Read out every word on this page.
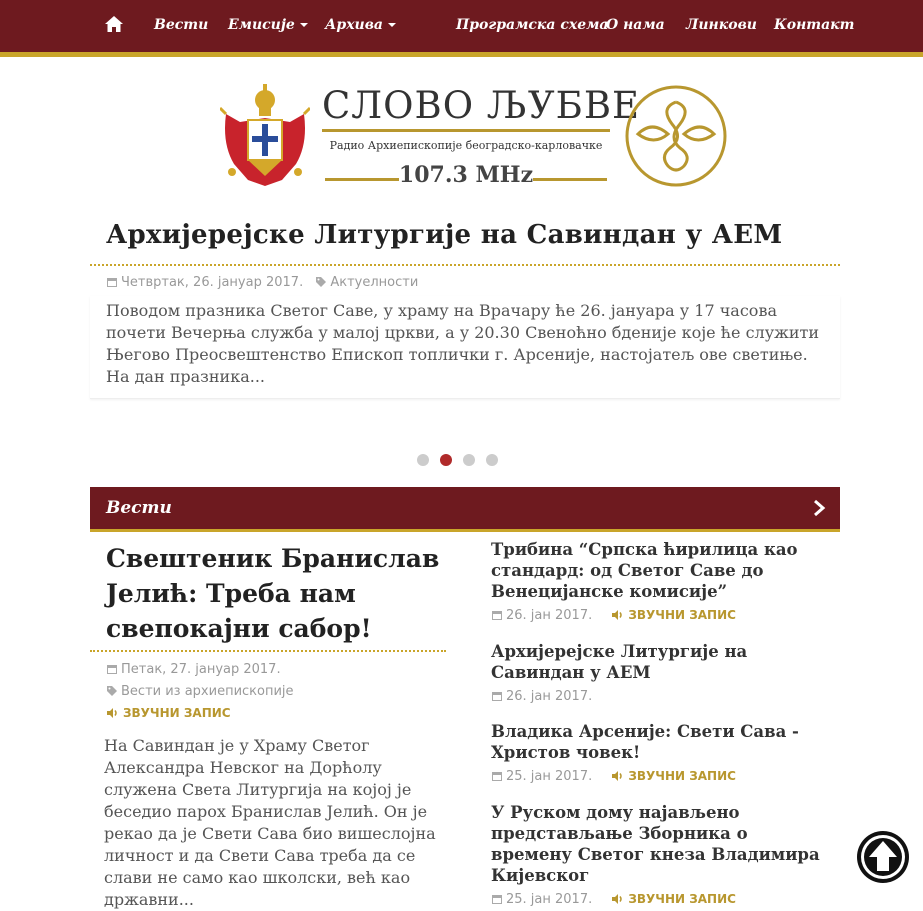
Вести Емисије	Архива	Програмска схема
О нама Линкови Контакт
СЛОВО ЉУБВЕ
Радио Архиепископије београдско-карловачке
107.3 MHz
Архијерејске Литургије на Савиндан у АЕМ
Четвртак, 26. јануар 2017. Актуелности
Поводом празника Светог Саве, у храму на Врачару ће 26. јануара у 17 часова почети Вечерња служба у малој цркви, а у 20.30 Свеноћно бденије које ће служити Његово Преосвештенство Епископ топлички г. Арсеније, настојатељ ове светиње. На дан празника...
Вести
Свештеник Бранислав Јелић: Треба нам свепокајни сабор!
Петак, 27. јануар 2017.
Вести из архиепископије
ЗВУЧНИ ЗАПИС
На Савиндан је у Храму Светог Александра Невског на Дорћолу служена Света Литургија на којој је беседио парох Бранислав Јелић. Он је рекао да је Свети Сава био вишеслојна личност и да Свети Сава треба да се слави не само као школски, већ као државни...
Трибина “Српска ћирилица као стандард: од Светог Саве до Венецијанске комисије”
26. јан 2017.	ЗВУЧНИ ЗАПИС
Архијерејске Литургије на Савиндан у АЕМ
26. јан 2017.
Владика Арсеније: Свети Сава - Христов човек!
25. јан 2017.	ЗВУЧНИ ЗАПИС
У Руском дому најављено представљање Зборника о времену Светог кнеза Владимира Кијевског
25. јан 2017.	ЗВУЧНИ ЗАПИС
